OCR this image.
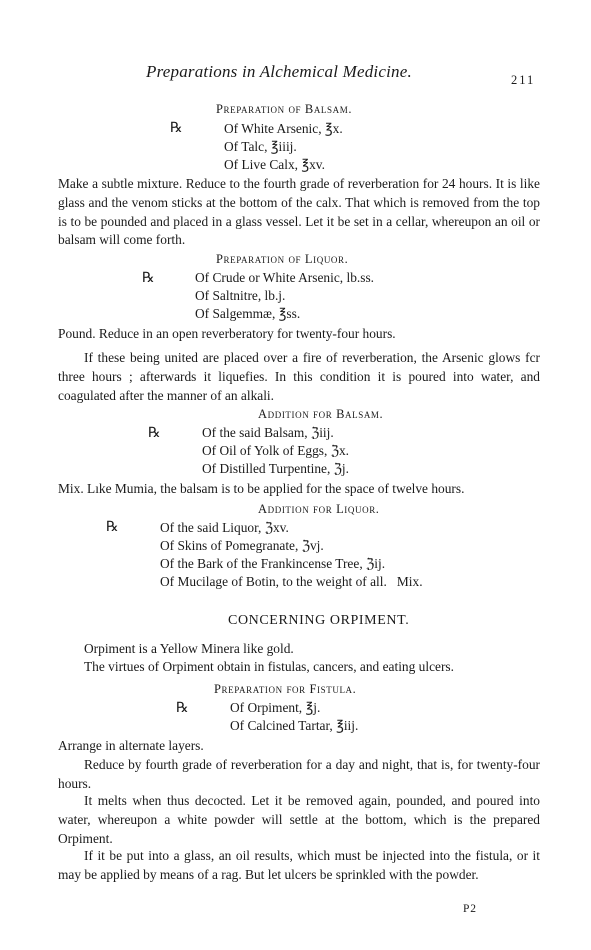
Preparations in Alchemical Medicine.	211
Preparation of Balsam.
℞	Of White Arsenic, ℥x.
Of Talc, ℥iiij.
Of Live Calx, ℥xv.
Make a subtle mixture. Reduce to the fourth grade of reverberation for 24 hours. It is like glass and the venom sticks at the bottom of the calx. That which is removed from the top is to be pounded and placed in a glass vessel. Let it be set in a cellar, whereupon an oil or balsam will come forth.
Preparation of Liquor.
℞	Of Crude or White Arsenic, lb.ss.
Of Saltnitre, lb.j.
Of Salgemmæ, ℥ss.
Pound. Reduce in an open reverberatory for twenty-four hours.
If these being united are placed over a fire of reverberation, the Arsenic glows fcr three hours ; afterwards it liquefies. In this condition it is poured into water, and coagulated after the manner of an alkali.
Addition for Balsam.
℞	Of the said Balsam, ℨiij.
Of Oil of Yolk of Eggs, ℨx.
Of Distilled Turpentine, ℨj.
Mix. Lıke Mumia, the balsam is to be applied for the space of twelve hours.
Addition for Liquor.
℞	Of the said Liquor, ℨxv.
Of Skins of Pomegranate, ℨvj.
Of the Bark of the Frankincense Tree, ℨij.
Of Mucilage of Botin, to the weight of all.   Mix.
CONCERNING ORPIMENT.
Orpiment is a Yellow Minera like gold.
The virtues of Orpiment obtain in fistulas, cancers, and eating ulcers.
Preparation for Fistula.
℞	Of Orpiment, ℥j.
Of Calcined Tartar, ℥iij.
Arrange in alternate layers.
Reduce by fourth grade of reverberation for a day and night, that is, for twenty-four hours.
It melts when thus decocted. Let it be removed again, pounded, and poured into water, whereupon a white powder will settle at the bottom, which is the prepared Orpiment.
If it be put into a glass, an oil results, which must be injected into the fistula, or it may be applied by means of a rag. But let ulcers be sprinkled with the powder.
P2
